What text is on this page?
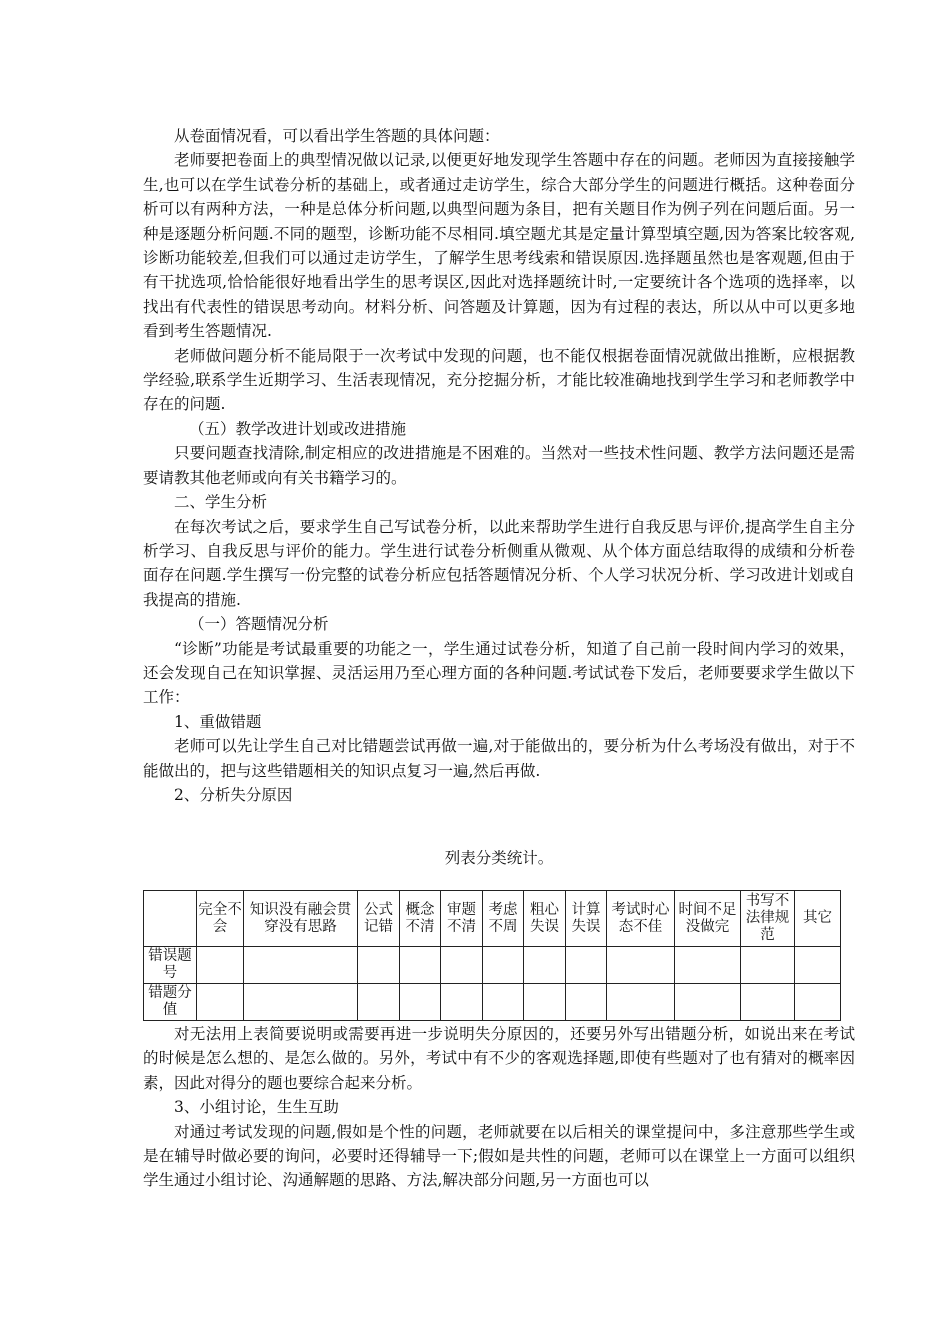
从卷面情况看，可以看出学生答题的具体问题：

老师要把卷面上的典型情况做以记录,以便更好地发现学生答题中存在的问题。老师因为直接接触学生,也可以在学生试卷分析的基础上，或者通过走访学生，综合大部分学生的问题进行概括。这种卷面分析可以有两种方法，一种是总体分析问题,以典型问题为条目，把有关题目作为例子列在问题后面。另一种是逐题分析问题.不同的题型，诊断功能不尽相同.填空题尤其是定量计算型填空题,因为答案比较客观,诊断功能较差,但我们可以通过走访学生，了解学生思考线索和错误原因.选择题虽然也是客观题,但由于有干扰选项,恰恰能很好地看出学生的思考误区,因此对选择题统计时,一定要统计各个选项的选择率，以找出有代表性的错误思考动向。材料分析、问答题及计算题，因为有过程的表达，所以从中可以更多地看到考生答题情况.

老师做问题分析不能局限于一次考试中发现的问题，也不能仅根据卷面情况就做出推断，应根据教学经验,联系学生近期学习、生活表现情况，充分挖掘分析，才能比较准确地找到学生学习和老师教学中存在的问题.

（五）教学改进计划或改进措施

只要问题查找清除,制定相应的改进措施是不困难的。当然对一些技术性问题、教学方法问题还是需要请教其他老师或向有关书籍学习的。

二、学生分析

在每次考试之后，要求学生自己写试卷分析，以此来帮助学生进行自我反思与评价,提高学生自主分析学习、自我反思与评价的能力。学生进行试卷分析侧重从微观、从个体方面总结取得的成绩和分析卷面存在问题.学生撰写一份完整的试卷分析应包括答题情况分析、个人学习状况分析、学习改进计划或自我提高的措施.

（一）答题情况分析

“诊断”功能是考试最重要的功能之一，学生通过试卷分析，知道了自己前一段时间内学习的效果，还会发现自己在知识掌握、灵活运用乃至心理方面的各种问题.考试试卷下发后，老师要要求学生做以下工作：

1、重做错题

老师可以先让学生自己对比错题尝试再做一遍,对于能做出的，要分析为什么考场没有做出，对于不能做出的，把与这些错题相关的知识点复习一遍,然后再做.

2、分析失分原因

列表分类统计。
	完全不会	知识没有融会贯穿没有思路	公式记错	概念不清	审题不清	考虑不周	粗心失误	计算失误	考试时心态不佳	时间不足没做完	书写不法律规范	其它
错误题号												
错题分值												

对无法用上表简要说明或需要再进一步说明失分原因的，还要另外写出错题分析，如说出来在考试的时候是怎么想的、是怎么做的。另外，考试中有不少的客观选择题,即使有些题对了也有猜对的概率因素，因此对得分的题也要综合起来分析。

3、小组讨论，生生互助

对通过考试发现的问题,假如是个性的问题，老师就要在以后相关的课堂提问中，多注意那些学生或是在辅导时做必要的询问，必要时还得辅导一下;假如是共性的问题，老师可以在课堂上一方面可以组织学生通过小组讨论、沟通解题的思路、方法,解决部分问题,另一方面也可以
